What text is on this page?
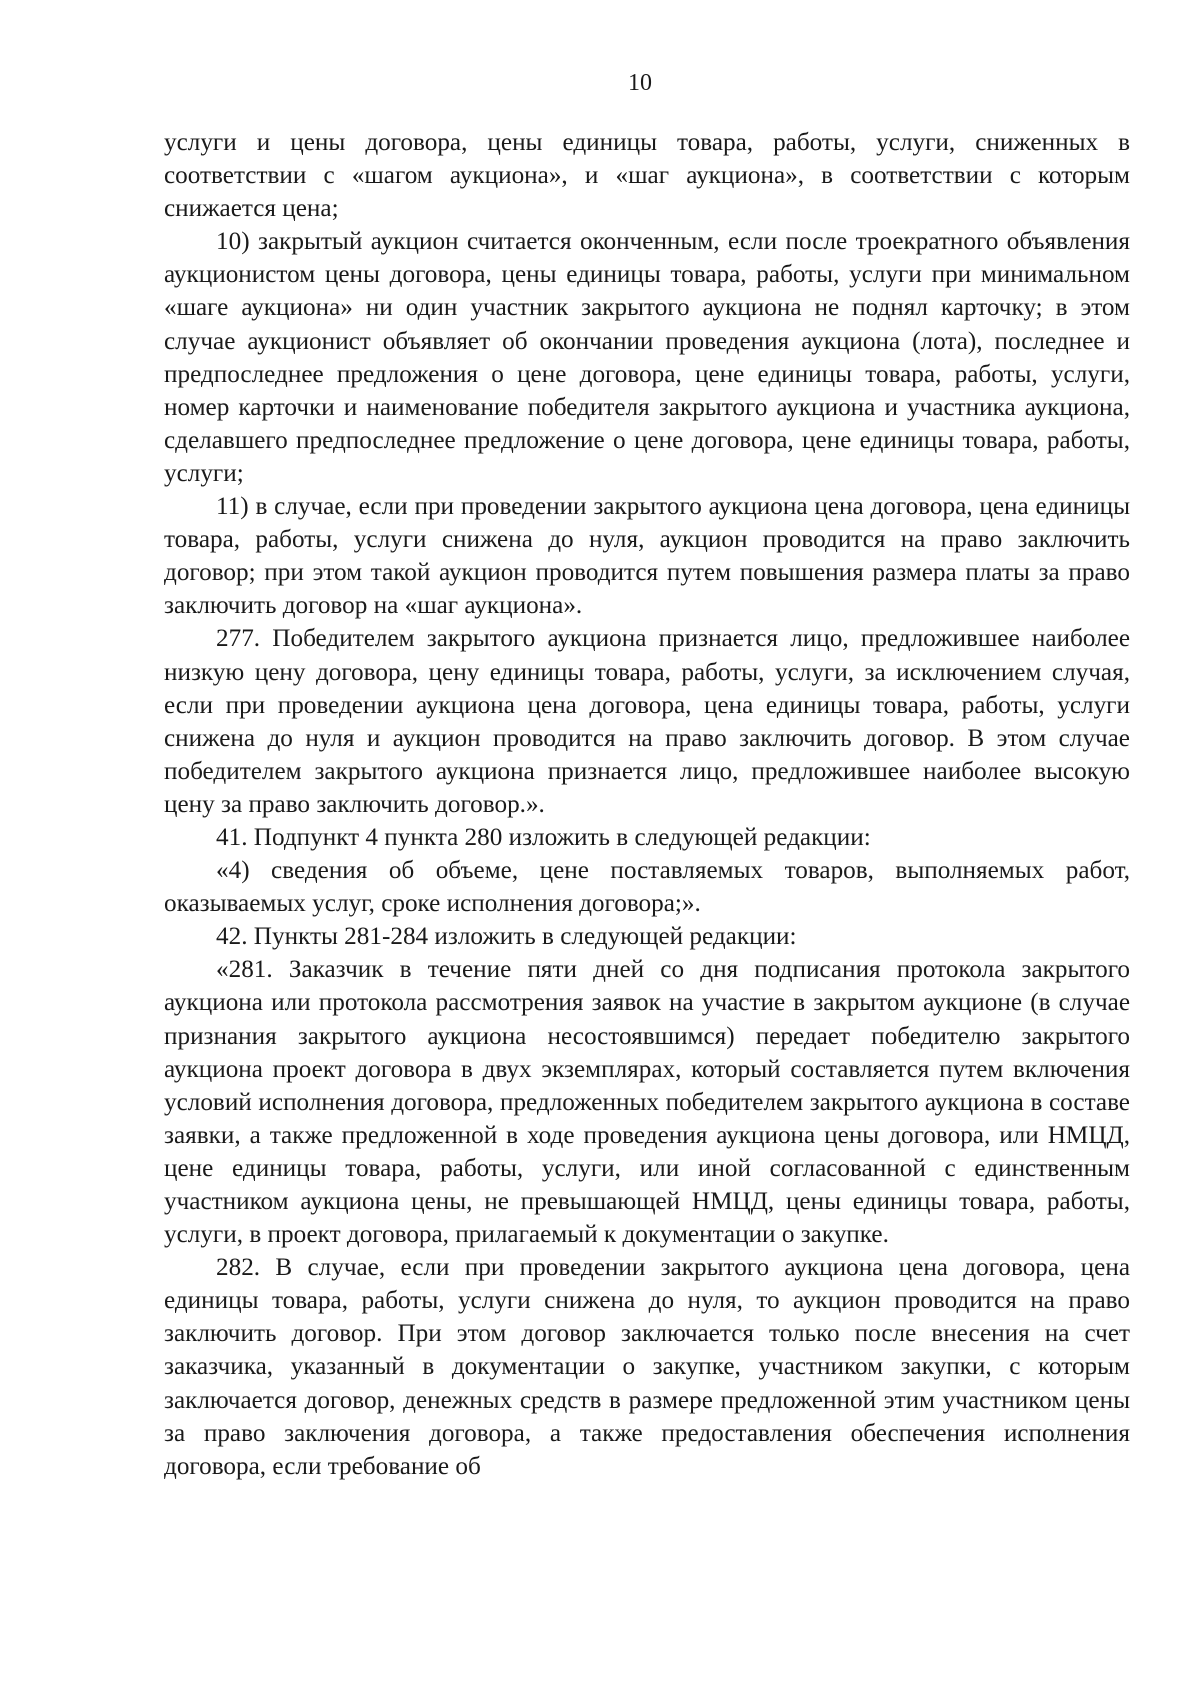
10

услуги и цены договора, цены единицы товара, работы, услуги, сниженных в соответствии с «шагом аукциона», и «шаг аукциона», в соответствии с которым снижается цена;

10) закрытый аукцион считается оконченным, если после троекратного объявления аукционистом цены договора, цены единицы товара, работы, услуги при минимальном «шаге аукциона» ни один участник закрытого аукциона не поднял карточку; в этом случае аукционист объявляет об окончании проведения аукциона (лота), последнее и предпоследнее предложения о цене договора, цене единицы товара, работы, услуги, номер карточки и наименование победителя закрытого аукциона и участника аукциона, сделавшего предпоследнее предложение о цене договора, цене единицы товара, работы, услуги;

11) в случае, если при проведении закрытого аукциона цена договора, цена единицы товара, работы, услуги снижена до нуля, аукцион проводится на право заключить договор; при этом такой аукцион проводится путем повышения размера платы за право заключить договор на «шаг аукциона».

277. Победителем закрытого аукциона признается лицо, предложившее наиболее низкую цену договора, цену единицы товара, работы, услуги, за исключением случая, если при проведении аукциона цена договора, цена единицы товара, работы, услуги снижена до нуля и аукцион проводится на право заключить договор. В этом случае победителем закрытого аукциона признается лицо, предложившее наиболее высокую цену за право заключить договор.».

41. Подпункт 4 пункта 280 изложить в следующей редакции:

«4) сведения об объеме, цене поставляемых товаров, выполняемых работ, оказываемых услуг, сроке исполнения договора;».

42. Пункты 281-284 изложить в следующей редакции:

«281. Заказчик в течение пяти дней со дня подписания протокола закрытого аукциона или протокола рассмотрения заявок на участие в закрытом аукционе (в случае признания закрытого аукциона несостоявшимся) передает победителю закрытого аукциона проект договора в двух экземплярах, который составляется путем включения условий исполнения договора, предложенных победителем закрытого аукциона в составе заявки, а также предложенной в ходе проведения аукциона цены договора, или НМЦД, цене единицы товара, работы, услуги, или иной согласованной с единственным участником аукциона цены, не превышающей НМЦД, цены единицы товара, работы, услуги, в проект договора, прилагаемый к документации о закупке.

282. В случае, если при проведении закрытого аукциона цена договора, цена единицы товара, работы, услуги снижена до нуля, то аукцион проводится на право заключить договор. При этом договор заключается только после внесения на счет заказчика, указанный в документации о закупке, участником закупки, с которым заключается договор, денежных средств в размере предложенной этим участником цены за право заключения договора, а также предоставления обеспечения исполнения договора, если требование об
